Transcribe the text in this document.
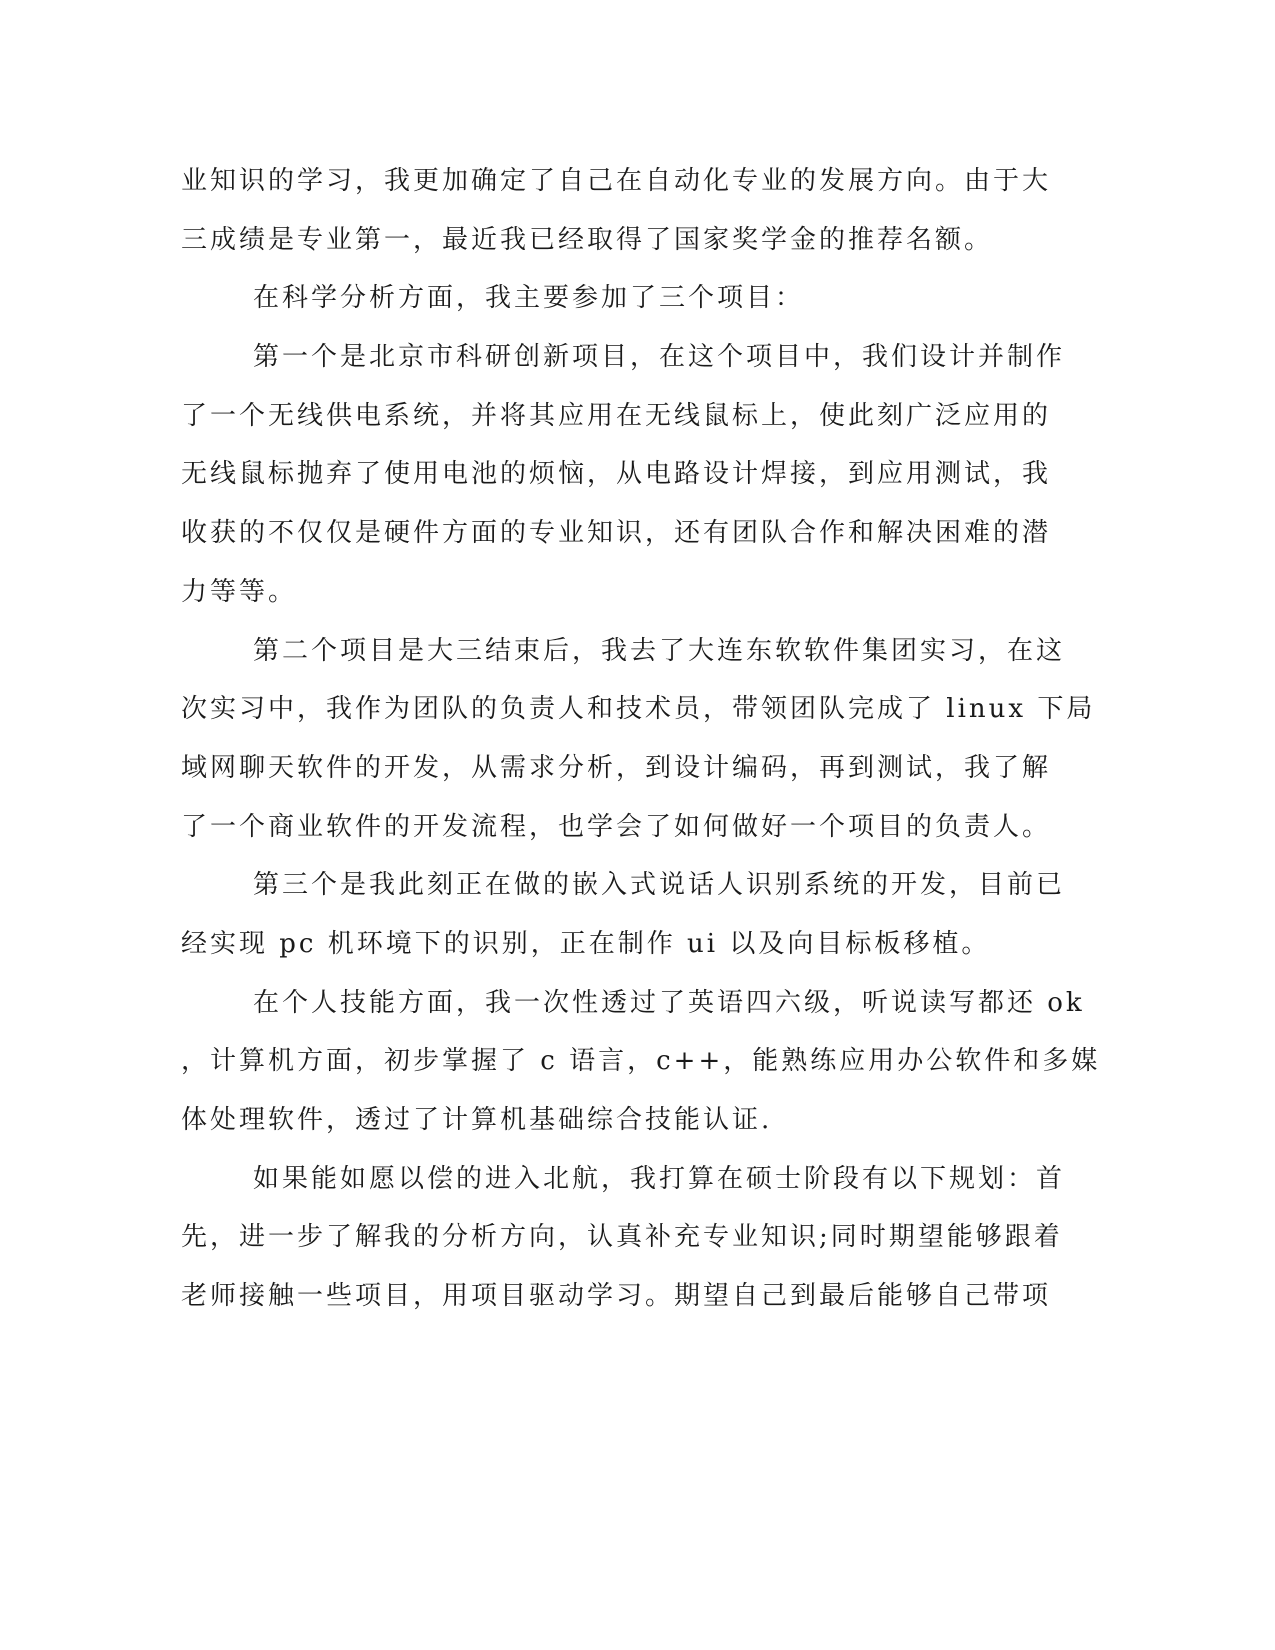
业知识的学习，我更加确定了自己在自动化专业的发展方向。由于大
三成绩是专业第一，最近我已经取得了国家奖学金的推荐名额。
在科学分析方面，我主要参加了三个项目：
第一个是北京市科研创新项目，在这个项目中，我们设计并制作
了一个无线供电系统，并将其应用在无线鼠标上，使此刻广泛应用的
无线鼠标抛弃了使用电池的烦恼，从电路设计焊接，到应用测试，我
收获的不仅仅是硬件方面的专业知识，还有团队合作和解决困难的潜
力等等。
第二个项目是大三结束后，我去了大连东软软件集团实习，在这
次实习中，我作为团队的负责人和技术员，带领团队完成了 linux 下局
域网聊天软件的开发，从需求分析，到设计编码，再到测试，我了解
了一个商业软件的开发流程，也学会了如何做好一个项目的负责人。
第三个是我此刻正在做的嵌入式说话人识别系统的开发，目前已
经实现 pc 机环境下的识别，正在制作 ui 以及向目标板移植。
在个人技能方面，我一次性透过了英语四六级，听说读写都还 ok
，计算机方面，初步掌握了 c 语言，c++，能熟练应用办公软件和多媒
体处理软件，透过了计算机基础综合技能认证.
如果能如愿以偿的进入北航，我打算在硕士阶段有以下规划：首
先，进一步了解我的分析方向，认真补充专业知识;同时期望能够跟着
老师接触一些项目，用项目驱动学习。期望自己到最后能够自己带项
